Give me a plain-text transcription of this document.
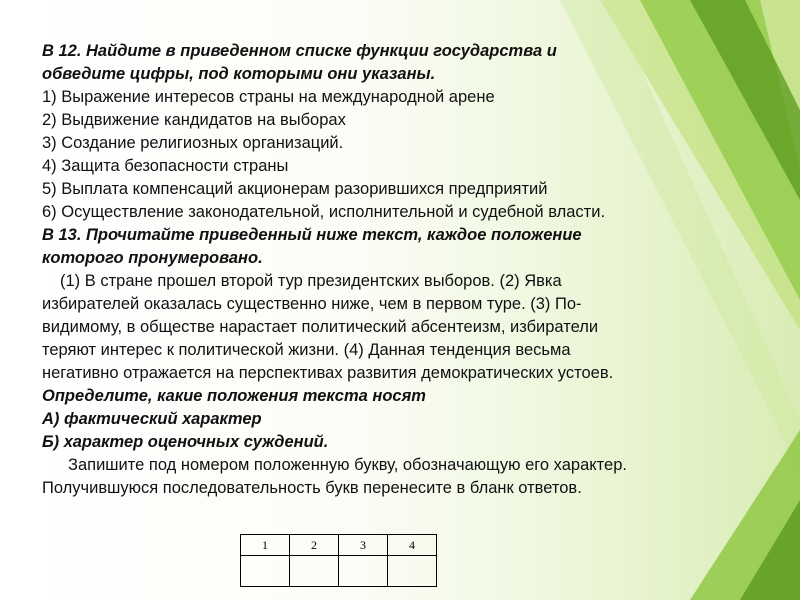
В 12. Найдите в приведенном списке функции государства и

обведите цифры, под которыми они указаны.

1) Выражение интересов страны на международной арене

2) Выдвижение кандидатов на выборах

3) Создание религиозных организаций.

4) Защита безопасности страны

5) Выплата компенсаций акционерам разорившихся предприятий

6) Осуществление законодательной, исполнительной и судебной власти.

В 13. Прочитайте приведенный ниже текст, каждое положение

которого пронумеровано.

(1) В стране прошел второй тур президентских выборов. (2) Явка

избирателей оказалась существенно ниже, чем в первом туре. (3) По-

видимому, в обществе нарастает политический абсентеизм, избиратели

теряют интерес к политической жизни. (4) Данная тенденция весьма

негативно отражается на перспективах развития демократических устоев.

Определите, какие положения текста носят

А) фактический характер

Б) характер оценочных суждений.

Запишите под номером положенную букву, обозначающую его характер.

Получившуюся последовательность букв перенесите в бланк ответов.

1	2	3	4
